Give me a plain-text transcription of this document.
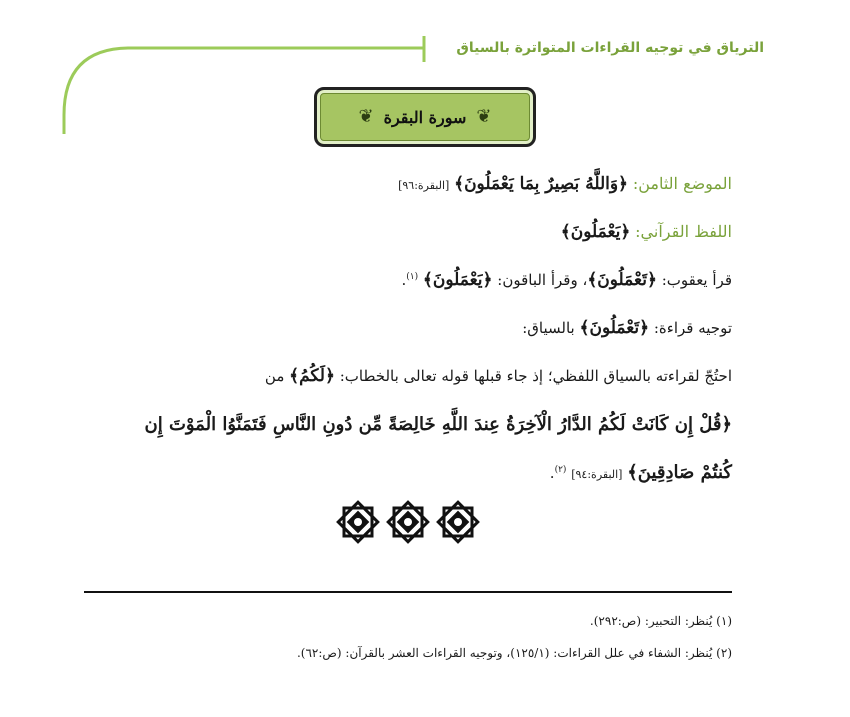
الترياق في توجيه القراءات المتواترة بالسياق
❦
سورة البقرة
❦
الموضع الثامن: ﴿وَاللَّهُ بَصِيرٌ بِمَا يَعْمَلُونَ﴾ [البقرة:٩٦]
اللفظ القرآني: ﴿يَعْمَلُونَ﴾
قرأ يعقوب: ﴿تَعْمَلُونَ﴾، وقرأ الباقون: ﴿يَعْمَلُونَ﴾ $^{(١)}$.
توجيه قراءة: ﴿تَعْمَلُونَ﴾ بالسياق:
احتُجّ لقراءته بالسياق اللفظي؛ إذ جاء قبلها قوله تعالى بالخطاب: ﴿لَكُمُ﴾ من
﴿قُلْ إِن كَانَتْ لَكُمُ الدَّارُ الْآخِرَةُ عِندَ اللَّهِ خَالِصَةً مِّن دُونِ النَّاسِ فَتَمَنَّوُا الْمَوْتَ إِن
كُنتُمْ صَادِقِينَ﴾ [البقرة:٩٤] $^{(٢)}$.
(١) يُنظر: التحبير: (ص:٢٩٢).
(٢) يُنظر: الشفاء في علل القراءات: (١٢٥/١)، وتوجيه القراءات العشر بالقرآن: (ص:٦٢).
